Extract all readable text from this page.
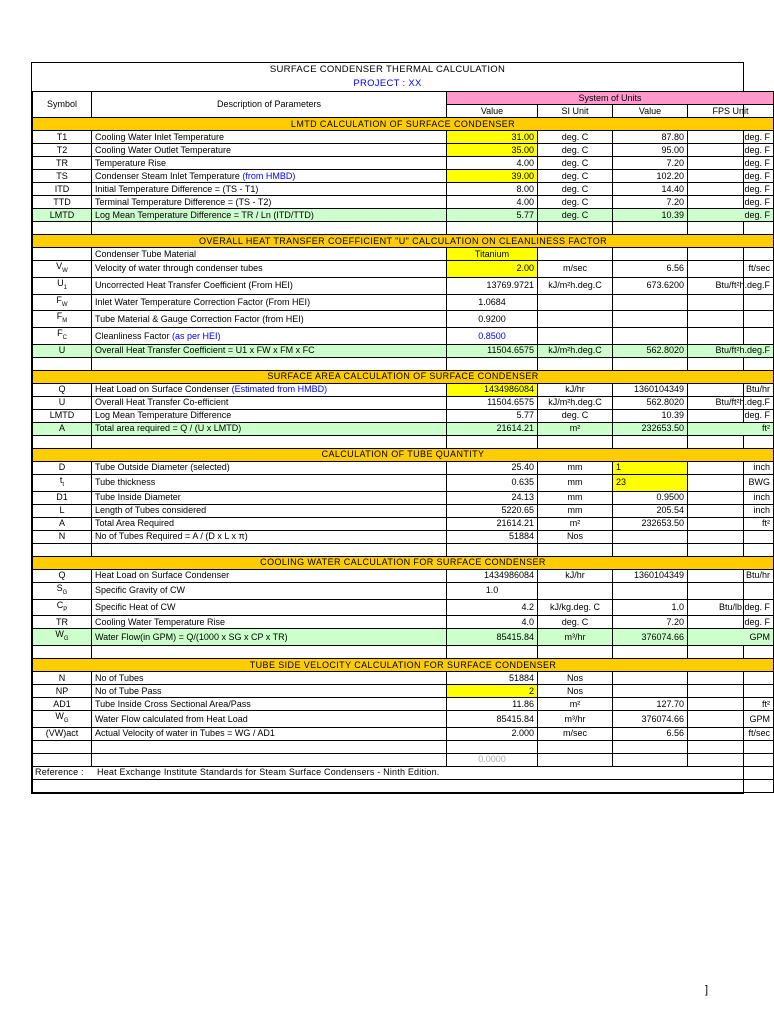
SURFACE CONDENSER THERMAL CALCULATION
PROJECT : XX
Symbol	Description of Parameters	System of Units			
		Value	SI Unit	Value	FPS Unit
LMTD CALCULATION OF SURFACE CONDENSER					
T1	Cooling Water Inlet Temperature	31.00	deg. C	87.80	deg. F
T2	Cooling Water Outlet Temperature	35.00	deg. C	95.00	deg. F
TR	Temperature Rise	4.00	deg. C	7.20	deg. F
TS	Condenser Steam Inlet Temperature (from HMBD)	39.00	deg. C	102.20	deg. F
ITD	Initial Temperature Difference = (TS - T1)	8.00	deg. C	14.40	deg. F
TTD	Terminal Temperature Difference = (TS - T2)	4.00	deg. C	7.20	deg. F
LMTD	Log Mean Temperature Difference = TR / Ln (ITD/TTD)	5.77	deg. C	10.39	deg. F

OVERALL HEAT TRANSFER COEFFICIENT "U" CALCULATION ON CLEANLINESS FACTOR					
	Condenser Tube Material	Titanium			
$V_W$	Velocity of water through condenser tubes	2.00	m/sec	6.56	ft/sec
$U_1$	Uncorrected Heat Transfer Coefficient (From HEI)	13769.9721	kJ/m²h.deg.C	673.6200	Btu/ft²h.deg.F
$F_W$	Inlet Water Temperature Correction Factor (From HEI)	1.0684			
$F_M$	Tube Material & Gauge Correction Factor (from HEI)	0.9200			
$F_C$	Cleanliness Factor (as per HEI)	0.8500			
U	Overall Heat Transfer Coefficient = U1 x FW x FM x FC	11504.6575	kJ/m²h.deg.C	562.8020	Btu/ft²h.deg.F

SURFACE AREA CALCULATION OF SURFACE CONDENSER					
Q	Heat Load on Surface Condenser (Estimated from HMBD)	1434986084	kJ/hr	1360104349	Btu/hr
U	Overall Heat Transfer Co-efficient	11504.6575	kJ/m²h.deg.C	562.8020	Btu/ft²h.deg.F
LMTD	Log Mean Temperature Difference	5.77	deg. C	10.39	deg. F
A	Total area required = Q / (U x LMTD)	21614.21	m²	232653.50	ft²

CALCULATION OF TUBE QUANTITY					
D	Tube Outside Diameter (selected)	25.40	mm	1	inch
$t_t$	Tube thickness	0.635	mm	23	BWG
D1	Tube Inside Diameter	24.13	mm	0.9500	inch
L	Length of Tubes considered	5220.65	mm	205.54	inch
A	Total Area Required	21614.21	m²	232653.50	ft²
N	No of Tubes Required = A / (D x L x π)	51884	Nos		

COOLING WATER CALCULATION FOR SURFACE CONDENSER					
Q	Heat Load on Surface Condenser	1434986084	kJ/hr	1360104349	Btu/hr
$S_G$	Specific Gravity of CW	1.0			
$C_P$	Specific Heat of CW	4.2	kJ/kg.deg. C	1.0	Btu/lb.deg. F
TR	Cooling Water Temperature Rise	4.0	deg. C	7.20	deg. F
$W_G$	Water Flow(in GPM) = Q/(1000 x SG x CP x TR)	85415.84	m³/hr	376074.66	GPM

TUBE SIDE VELOCITY CALCULATION FOR SURFACE CONDENSER					
N	No of Tubes	51884	Nos		
NP	No of Tube Pass	2	Nos		
AD1	Tube Inside Cross Sectional Area/Pass	11.86	m²	127.70	ft²
$W_G$	Water Flow calculated from Heat Load	85415.84	m³/hr	376074.66	GPM
(VW)act	Actual Velocity of water in Tubes = WG / AD1	2.000	m/sec	6.56	ft/sec

		0.0000			
Reference : Heat Exchange Institute Standards for Steam Surface Condensers - Ninth Edition.					

]
